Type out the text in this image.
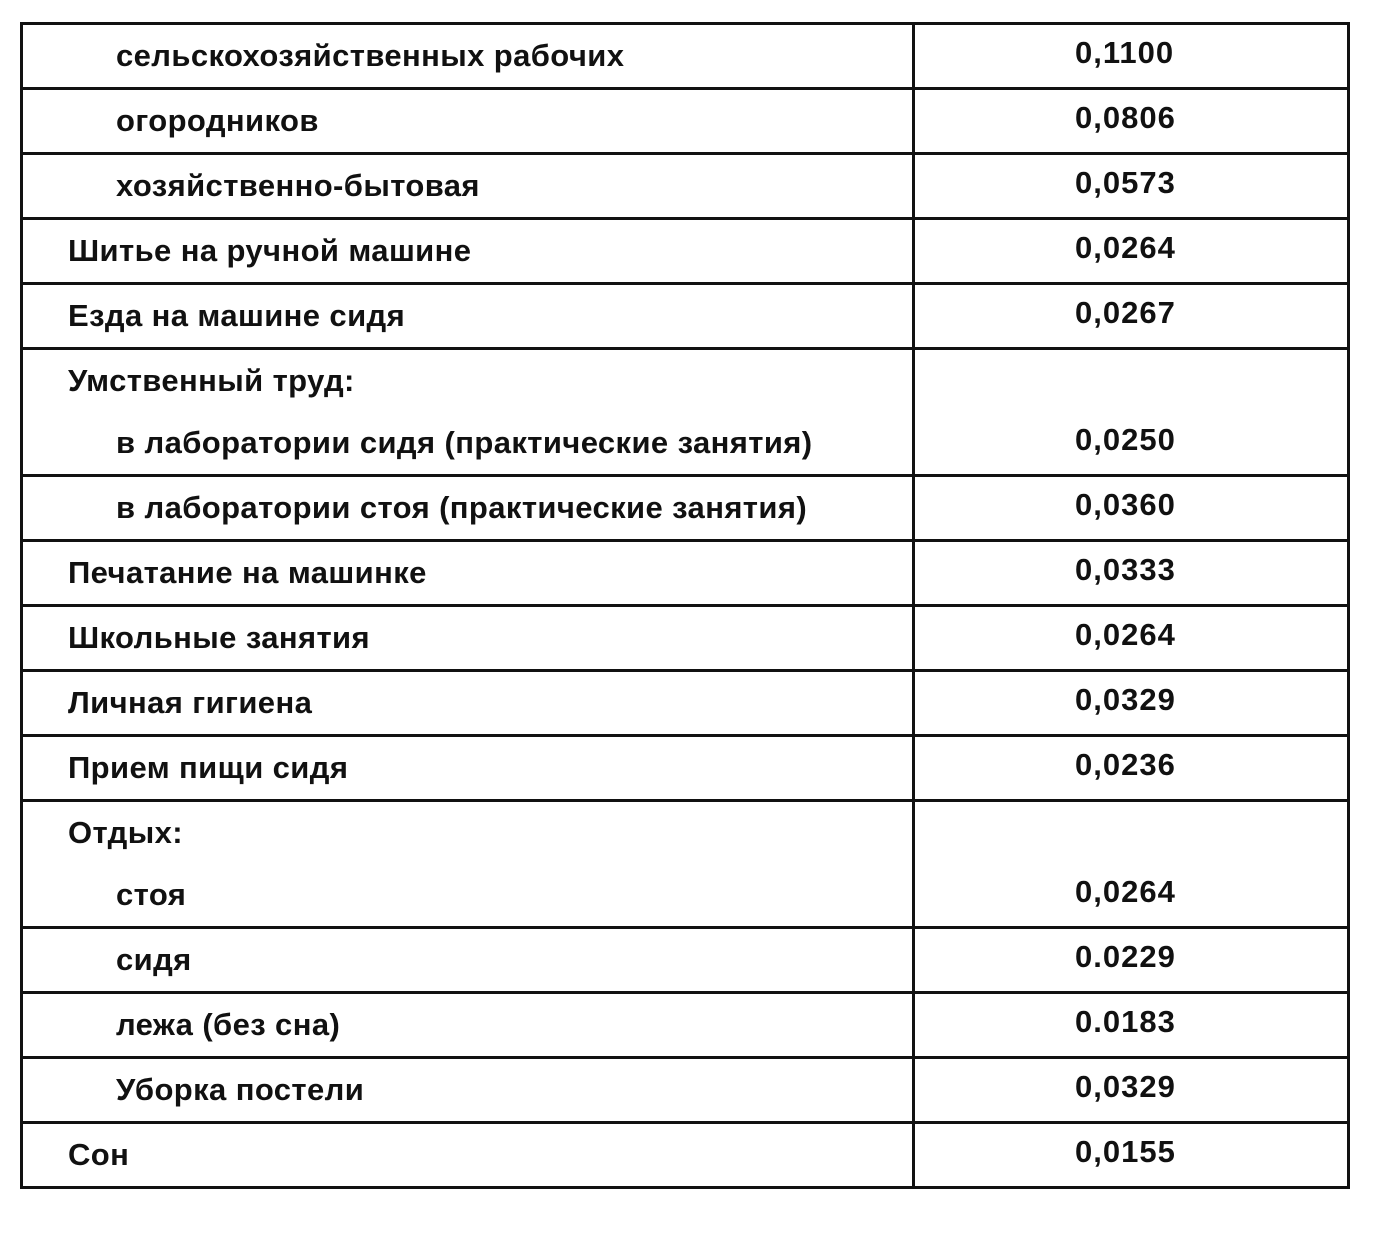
сельскохозяйственных рабочих	0,1100
огородников	0,0806
хозяйственно-бытовая	0,0573
Шитье на ручной машине	0,0264
Езда на машине сидя	0,0267
Умственный труд:
в лаборатории сидя (практические занятия)	0,0250
в лаборатории стоя (практические занятия)	0,0360
Печатание на машинке	0,0333
Школьные занятия	0,0264
Личная гигиена	0,0329
Прием пищи сидя	0,0236
Отдых:
стоя	0,0264
сидя	0.0229
лежа (без сна)	0.0183
Уборка постели	0,0329
Сон	0,0155
